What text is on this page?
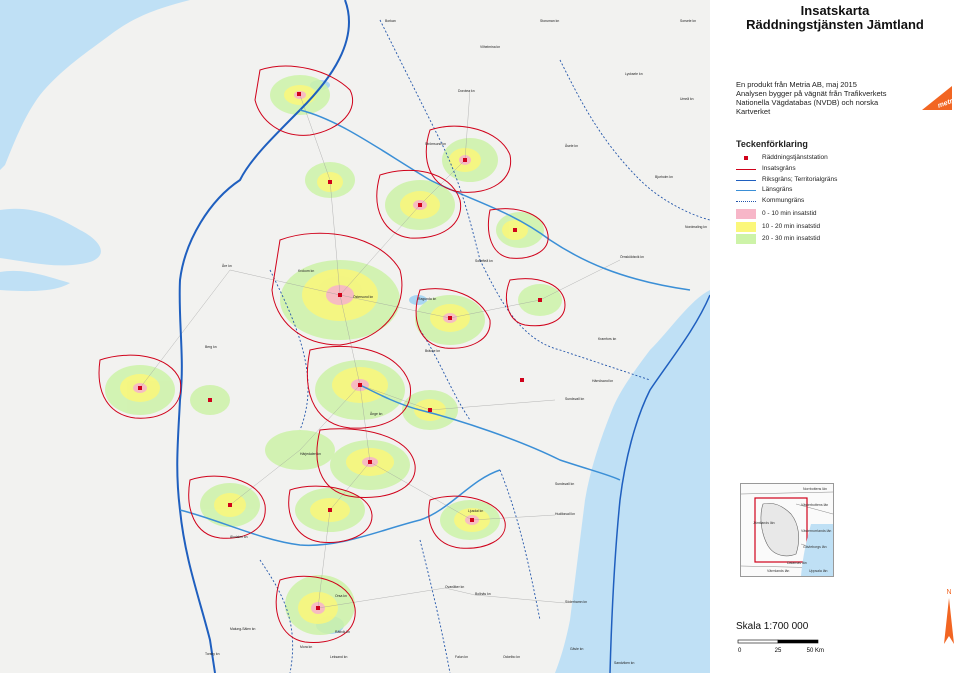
Borkan	Storuman kn	Sorsele kn
Vilhelmina kn
Lycksele kn
Dorotea kn
Umeå kn
Strömsund kn	Åsele kn
Bjurholm kn
Nordmaling kn
Sollefteå kn
Örnsköldsvik kn
Krokom kn
Åre kn
Östersund kn	Ragunda kn
Kramfors kn
Berg kn
Bräcke kn
Härnösand kn
Sundsvall kn
Ånge kn
Härjedalen kn
Sundsvall kn
Ljusdal kn
Hudiksvall kn
Älvdalen kn
Ovanåker kn
Orsa kn	Bollnäs kn
Söderhamn kn
Malung-Sälen kn
Rättvik kn
Mora kn
Leksand kn
Torsby kn
Falun kn	Ockelbo kn
Gävle kn
Sandviken kn
Insatskarta
Räddningstjänsten Jämtland
En produkt från Metria AB, maj 2015
Analysen bygger på vägnät från Trafikverkets
Nationella Vägdatabas (NVDB) och norska Kartverket
metria
Teckenförklaring
Räddningstjänststation
Insatsgräns
Riksgräns; Territorialgräns
Länsgräns
Kommungräns
0 - 10 min insatstid
10 - 20 min insatstid
20 - 30 min insatstid
Norrbottens län
Västerbottens län
Jämtlands län
Västernorrlands län
Gävleborgs län
Dalarnas län
Värmlands län	Uppsala län
N
Skala 1:700 000
0	25	50 Km
